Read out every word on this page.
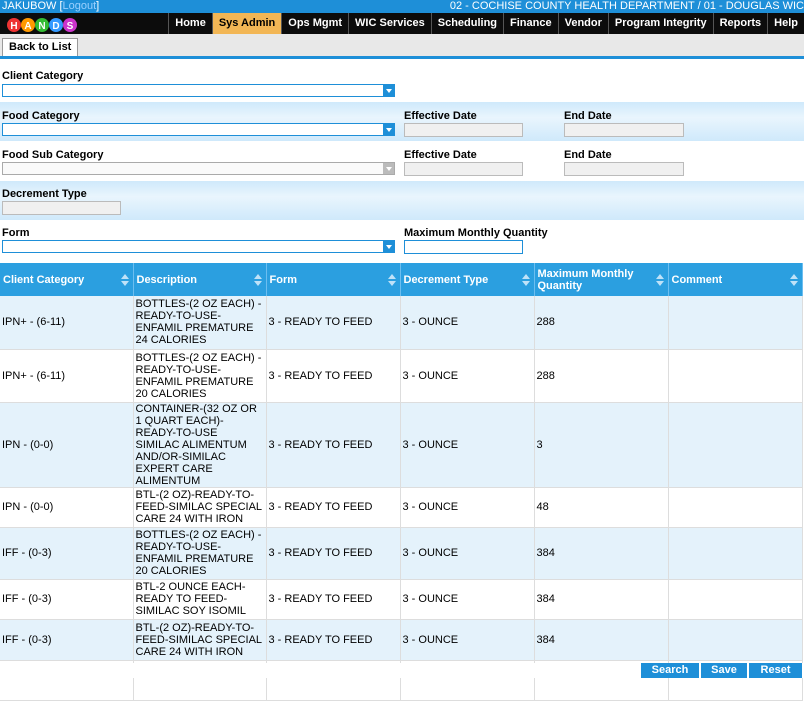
JAKUBOW [Logout]	02 - COCHISE COUNTY HEALTH DEPARTMENT / 01 - DOUGLAS WIC
H A N D S	Home	Sys Admin	Ops Mgmt	WIC Services	Scheduling	Finance	Vendor	Program Integrity	Reports	Help
Back to List
Client Category
Food Category	Effective Date	End Date
Food Sub Category	Effective Date	End Date
Decrement Type
Form	Maximum Monthly Quantity
Client Category	Description	Form	Decrement Type	Maximum Monthly Quantity	Comment

IPN+ - (6-11)	BOTTLES-(2 OZ EACH) -READY-TO-USE-ENFAMIL PREMATURE 24 CALORIES	3 - READY TO FEED	3 - OUNCE	288	
IPN+ - (6-11)	BOTTLES-(2 OZ EACH) -READY-TO-USE-ENFAMIL PREMATURE 20 CALORIES	3 - READY TO FEED	3 - OUNCE	288	
IPN - (0-0)	CONTAINER-(32 OZ OR 1 QUART EACH)-READY-TO-USE SIMILAC ALIMENTUM AND/OR-SIMILAC EXPERT CARE ALIMENTUM	3 - READY TO FEED	3 - OUNCE	3	
IPN - (0-0)	BTL-(2 OZ)-READY-TO-FEED-SIMILAC SPECIAL CARE 24 WITH IRON	3 - READY TO FEED	3 - OUNCE	48	
IFF - (0-3)	BOTTLES-(2 OZ EACH) -READY-TO-USE-ENFAMIL PREMATURE 20 CALORIES	3 - READY TO FEED	3 - OUNCE	384	
IFF - (0-3)	BTL-2 OUNCE EACH-READY TO FEED-SIMILAC SOY ISOMIL	3 - READY TO FEED	3 - OUNCE	384	
IFF - (0-3)	BTL-(2 OZ)-READY-TO-FEED-SIMILAC SPECIAL CARE 24 WITH IRON	3 - READY TO FEED	3 - OUNCE	384	

Search	Save	Reset
